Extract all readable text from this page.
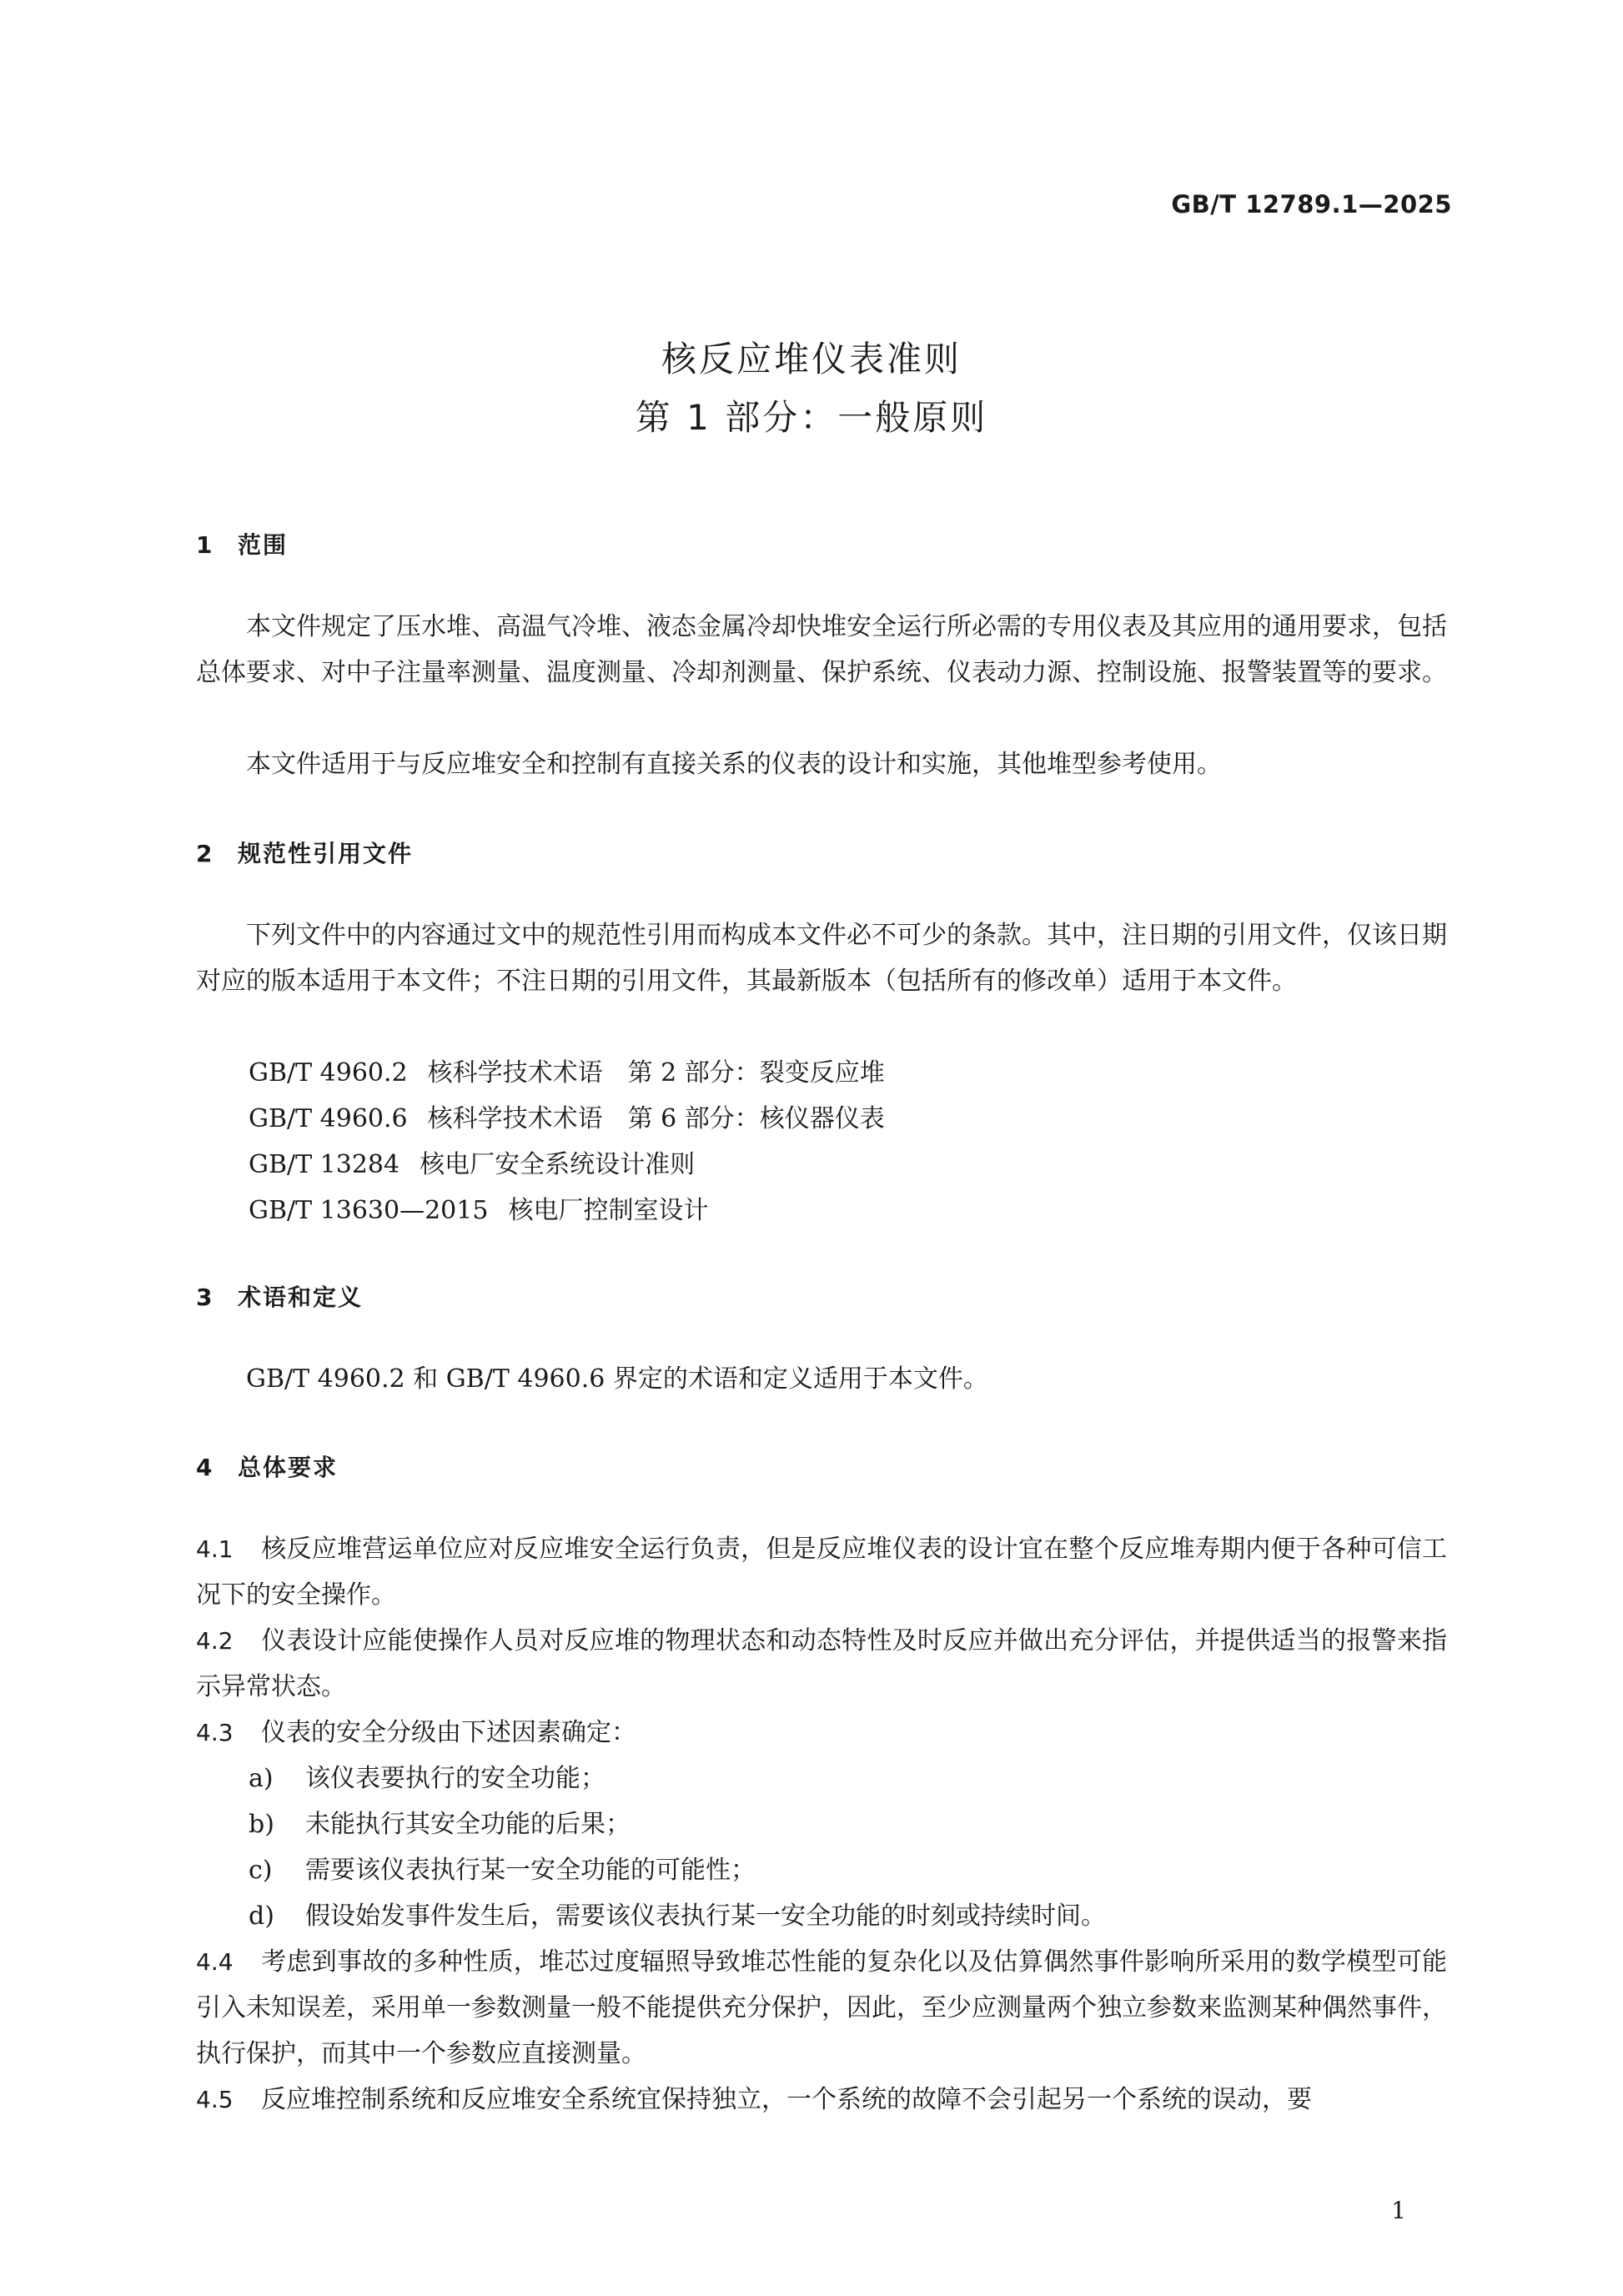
GB/T 12789.1—2025
核反应堆仪表准则
第 1 部分：一般原则
1 范围
本文件规定了压水堆、高温气冷堆、液态金属冷却快堆安全运行所必需的专用仪表及其应用的通用要求，包括总体要求、对中子注量率测量、温度测量、冷却剂测量、保护系统、仪表动力源、控制设施、报警装置等的要求。
本文件适用于与反应堆安全和控制有直接关系的仪表的设计和实施，其他堆型参考使用。
2 规范性引用文件
下列文件中的内容通过文中的规范性引用而构成本文件必不可少的条款。其中，注日期的引用文件，仅该日期对应的版本适用于本文件；不注日期的引用文件，其最新版本（包括所有的修改单）适用于本文件。
GB/T 4960.2 核科学技术术语　第 2 部分：裂变反应堆
GB/T 4960.6 核科学技术术语　第 6 部分：核仪器仪表
GB/T 13284 核电厂安全系统设计准则
GB/T 13630—2015 核电厂控制室设计
3 术语和定义
GB/T 4960.2 和 GB/T 4960.6 界定的术语和定义适用于本文件。
4 总体要求
4.1 核反应堆营运单位应对反应堆安全运行负责，但是反应堆仪表的设计宜在整个反应堆寿期内便于各种可信工况下的安全操作。
4.2 仪表设计应能使操作人员对反应堆的物理状态和动态特性及时反应并做出充分评估，并提供适当的报警来指示异常状态。
4.3 仪表的安全分级由下述因素确定：
a) 该仪表要执行的安全功能；
b) 未能执行其安全功能的后果；
c) 需要该仪表执行某一安全功能的可能性；
d) 假设始发事件发生后，需要该仪表执行某一安全功能的时刻或持续时间。
4.4 考虑到事故的多种性质，堆芯过度辐照导致堆芯性能的复杂化以及估算偶然事件影响所采用的数学模型可能引入未知误差，采用单一参数测量一般不能提供充分保护，因此，至少应测量两个独立参数来监测某种偶然事件，执行保护，而其中一个参数应直接测量。
4.5 反应堆控制系统和反应堆安全系统宜保持独立，一个系统的故障不会引起另一个系统的误动，要
1
